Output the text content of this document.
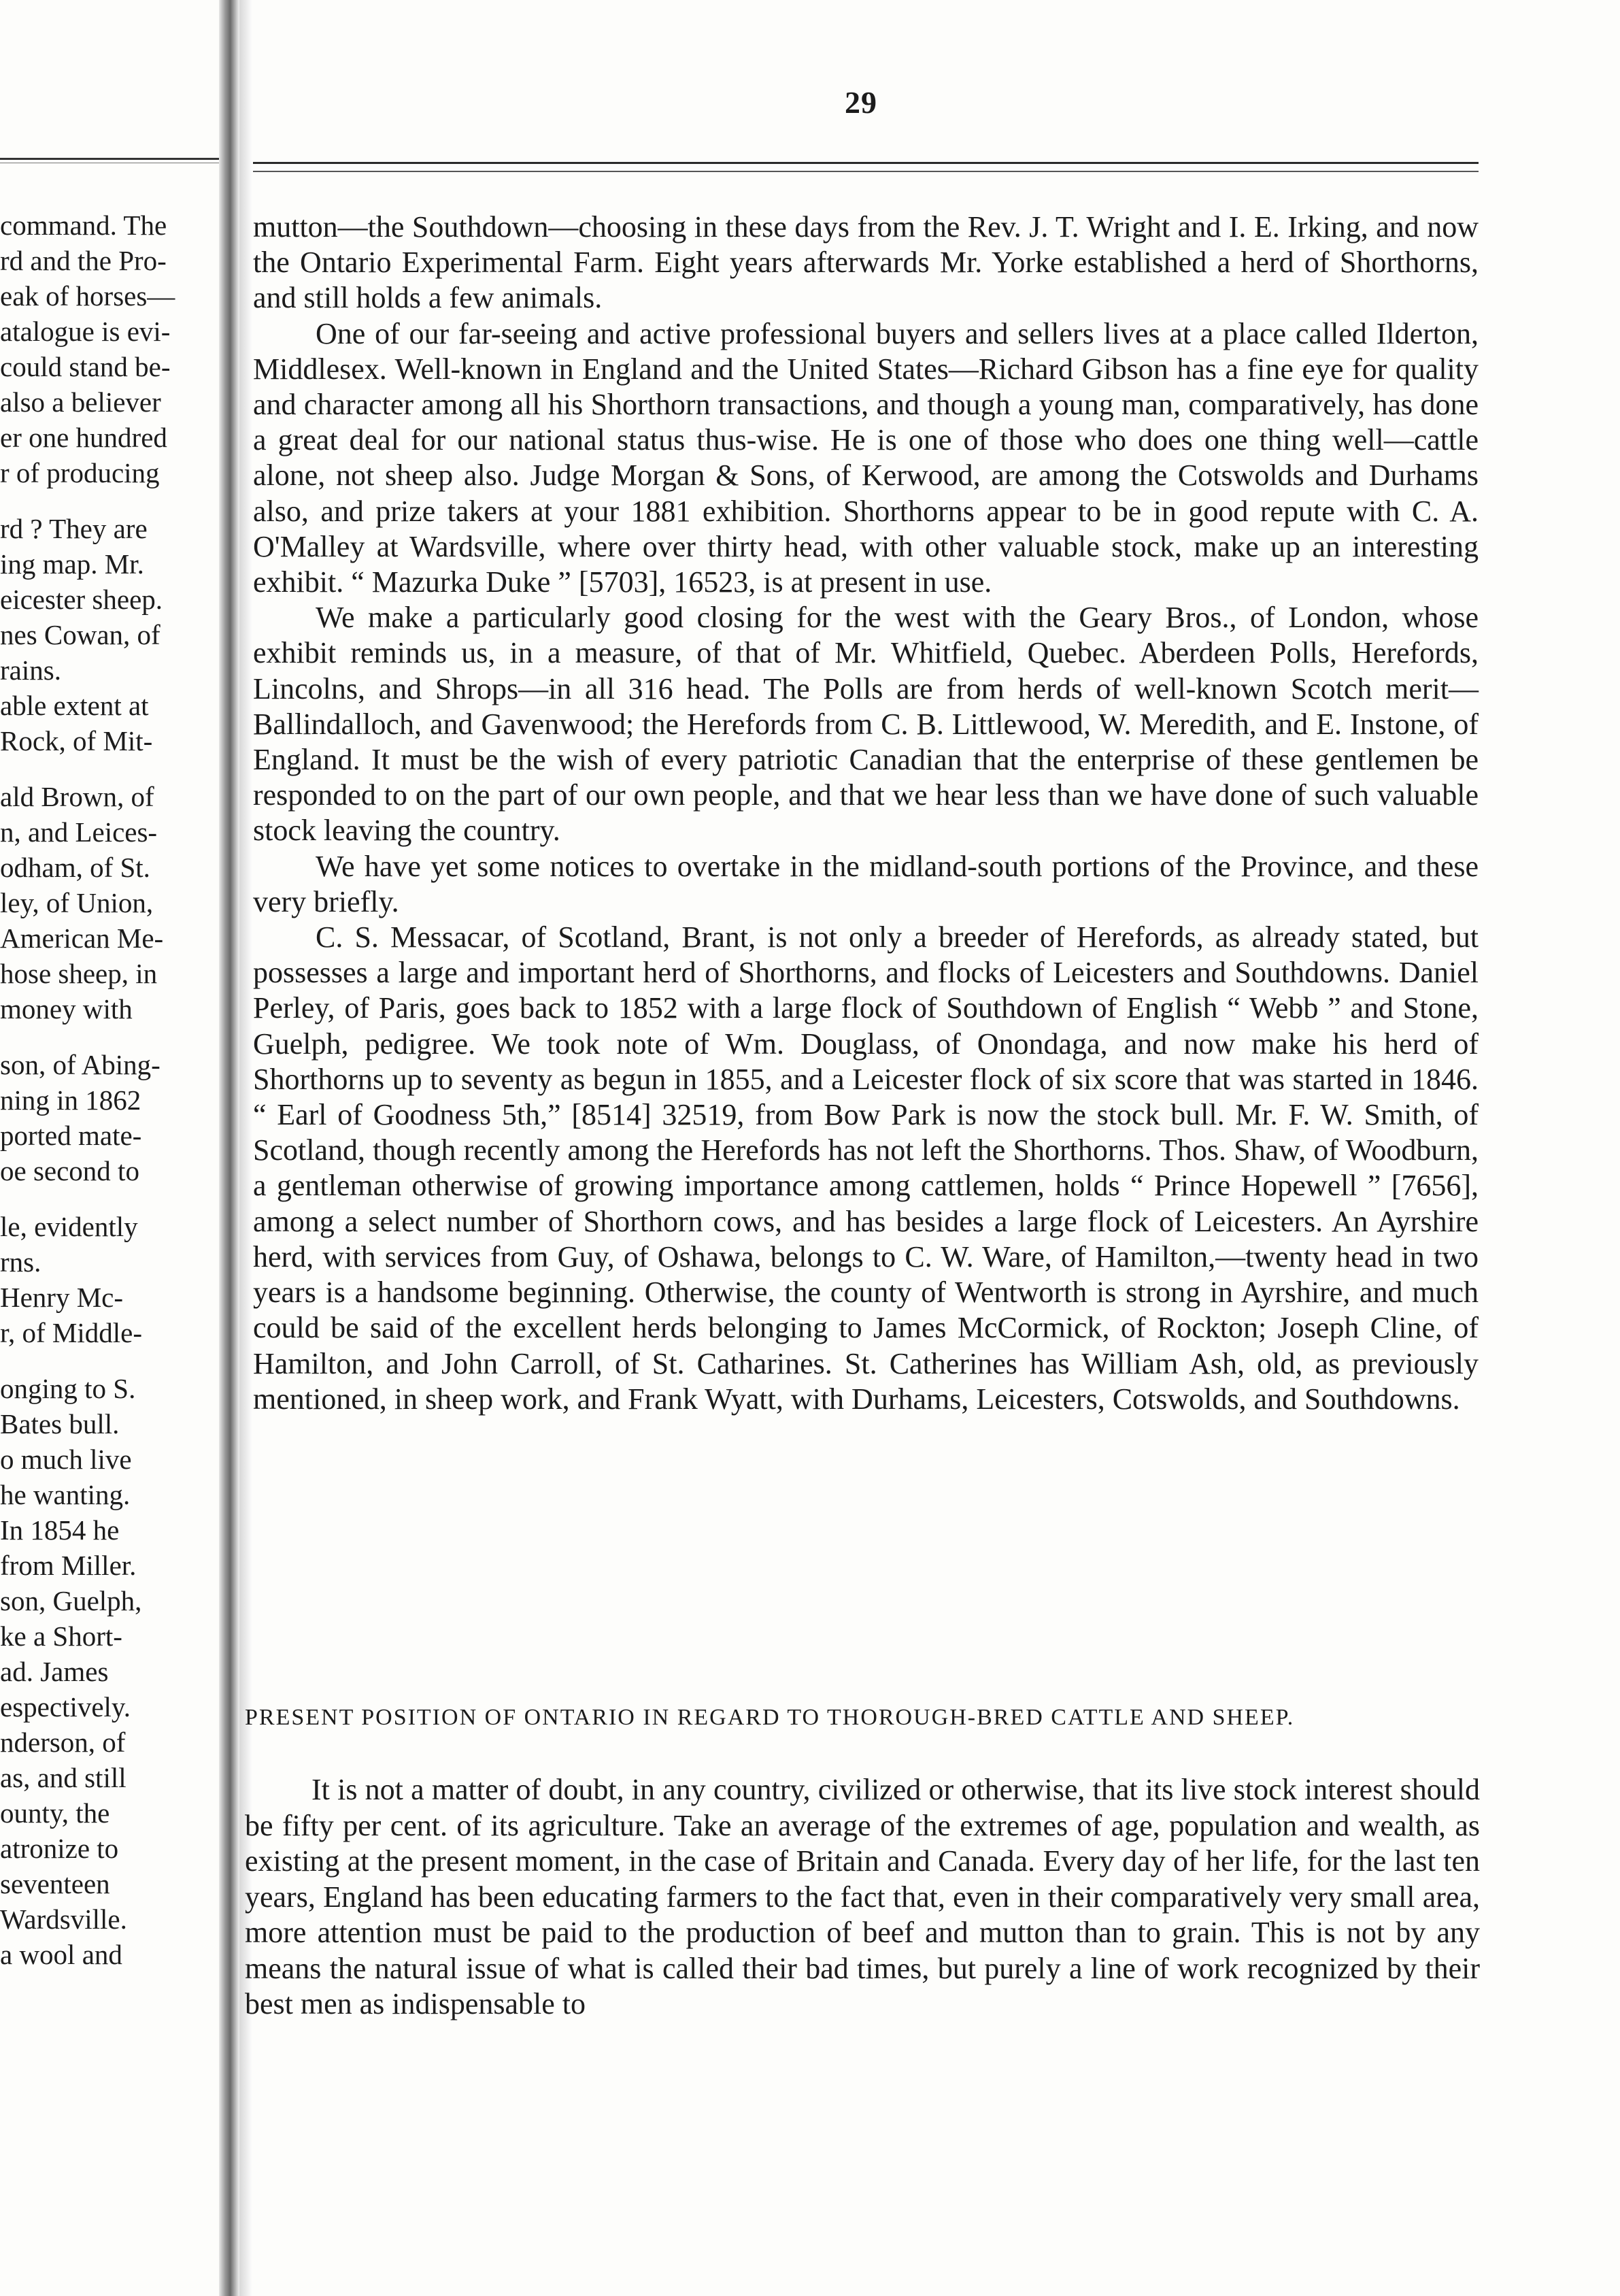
command. The
rd and the Pro-
eak of horses—
atalogue is evi-
could stand be-
also a believer
er one hundred
r of producing

rd ? They are
ing map. Mr.
eicester sheep.
nes Cowan, of
rains.
able extent at
Rock, of Mit-

ald Brown, of
n, and Leices-
odham, of St.
ley, of Union,
American Me-
hose sheep, in
money with

son, of Abing-
ning in 1862
ported mate-
oe second to

le, evidently
rns.
Henry Mc-
r, of Middle-

onging to S.
Bates bull.
o much live
he wanting.
In 1854 he
from Miller.
son, Guelph,
ke a Short-
ad. James
espectively.
nderson, of
as, and still
ounty, the
atronize to
seventeen
Wardsville.
a wool and
29

mutton—the Southdown—choosing in these days from the Rev. J. T. Wright and I. E. Irking, and now the Ontario Experimental Farm. Eight years afterwards Mr. Yorke established a herd of Shorthorns, and still holds a few animals.

One of our far-seeing and active professional buyers and sellers lives at a place called Ilderton, Middlesex. Well-known in England and the United States—Richard Gibson has a fine eye for quality and character among all his Shorthorn transactions, and though a young man, comparatively, has done a great deal for our national status thus-wise. He is one of those who does one thing well—cattle alone, not sheep also. Judge Morgan & Sons, of Kerwood, are among the Cotswolds and Durhams also, and prize takers at your 1881 exhibition. Shorthorns appear to be in good repute with C. A. O'Malley at Wardsville, where over thirty head, with other valuable stock, make up an interesting exhibit. “ Mazurka Duke ” [5703], 16523, is at present in use.

We make a particularly good closing for the west with the Geary Bros., of London, whose exhibit reminds us, in a measure, of that of Mr. Whitfield, Quebec. Aberdeen Polls, Herefords, Lincolns, and Shrops—in all 316 head. The Polls are from herds of well-known Scotch merit—Ballindalloch, and Gavenwood; the Herefords from C. B. Littlewood, W. Meredith, and E. Instone, of England. It must be the wish of every patriotic Canadian that the enterprise of these gentlemen be responded to on the part of our own people, and that we hear less than we have done of such valuable stock leaving the country.

We have yet some notices to overtake in the midland-south portions of the Province, and these very briefly.

C. S. Messacar, of Scotland, Brant, is not only a breeder of Herefords, as already stated, but possesses a large and important herd of Shorthorns, and flocks of Leicesters and Southdowns. Daniel Perley, of Paris, goes back to 1852 with a large flock of Southdown of English “ Webb ” and Stone, Guelph, pedigree. We took note of Wm. Douglass, of Onondaga, and now make his herd of Shorthorns up to seventy as begun in 1855, and a Leicester flock of six score that was started in 1846. “ Earl of Goodness 5th,” [8514] 32519, from Bow Park is now the stock bull. Mr. F. W. Smith, of Scotland, though recently among the Herefords has not left the Shorthorns. Thos. Shaw, of Woodburn, a gentleman otherwise of growing importance among cattlemen, holds “ Prince Hopewell ” [7656], among a select number of Shorthorn cows, and has besides a large flock of Leicesters. An Ayrshire herd, with services from Guy, of Oshawa, belongs to C. W. Ware, of Hamilton,—twenty head in two years is a handsome beginning. Otherwise, the county of Wentworth is strong in Ayrshire, and much could be said of the excellent herds belonging to James McCormick, of Rockton; Joseph Cline, of Hamilton, and John Carroll, of St. Catharines. St. Catherines has William Ash, old, as previously mentioned, in sheep work, and Frank Wyatt, with Durhams, Leicesters, Cotswolds, and Southdowns.

PRESENT POSITION OF ONTARIO IN REGARD TO THOROUGH-BRED CATTLE AND SHEEP.

It is not a matter of doubt, in any country, civilized or otherwise, that its live stock interest should be fifty per cent. of its agriculture. Take an average of the extremes of age, population and wealth, as existing at the present moment, in the case of Britain and Canada. Every day of her life, for the last ten years, England has been educating farmers to the fact that, even in their comparatively very small area, more attention must be paid to the production of beef and mutton than to grain. This is not by any means the natural issue of what is called their bad times, but purely a line of work recognized by their best men as indispensable to
